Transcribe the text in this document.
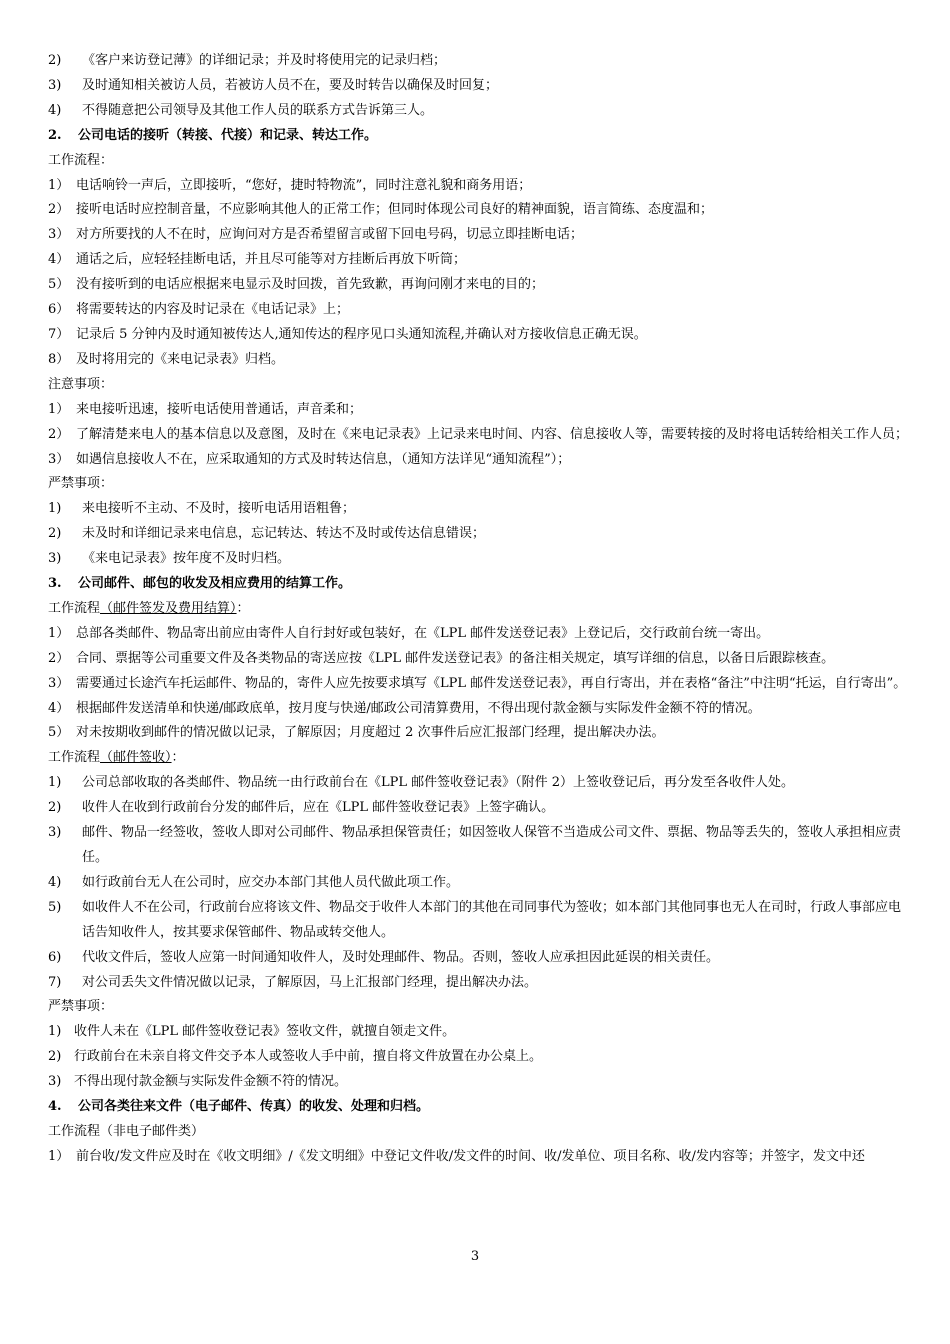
2)	《客户来访登记薄》的详细记录；并及时将使用完的记录归档；
3)	及时通知相关被访人员，若被访人员不在，要及时转告以确保及时回复；
4)	不得随意把公司领导及其他工作人员的联系方式告诉第三人。
2.	公司电话的接听（转接、代接）和记录、转达工作。
工作流程：
1） 电话响铃一声后，立即接听，“您好，捷时特物流”，同时注意礼貌和商务用语；
2） 接听电话时应控制音量，不应影响其他人的正常工作；但同时体现公司良好的精神面貌，语言简练、态度温和；
3） 对方所要找的人不在时，应询问对方是否希望留言或留下回电号码，切忌立即挂断电话；
4） 通话之后，应轻轻挂断电话，并且尽可能等对方挂断后再放下听筒；
5） 没有接听到的电话应根据来电显示及时回拨，首先致歉，再询问刚才来电的目的；
6） 将需要转达的内容及时记录在《电话记录》上；
7） 记录后 5 分钟内及时通知被传达人,通知传达的程序见口头通知流程,并确认对方接收信息正确无误。
8） 及时将用完的《来电记录表》归档。
注意事项：
1） 来电接听迅速，接听电话使用普通话，声音柔和；
2） 了解清楚来电人的基本信息以及意图，及时在《来电记录表》上记录来电时间、内容、信息接收人等，需要转接的及时将电话转给相关工作人员；
3） 如遇信息接收人不在，应采取通知的方式及时转达信息，（通知方法详见“通知流程”）；
严禁事项：
1)	来电接听不主动、不及时，接听电话用语粗鲁；
2)	未及时和详细记录来电信息，忘记转达、转达不及时或传达信息错误；
3)	《来电记录表》按年度不及时归档。
3.	公司邮件、邮包的收发及相应费用的结算工作。
工作流程（邮件签发及费用结算）：
1） 总部各类邮件、物品寄出前应由寄件人自行封好或包装好，在《LPL 邮件发送登记表》上登记后，交行政前台统一寄出。
2） 合同、票据等公司重要文件及各类物品的寄送应按《LPL 邮件发送登记表》的备注相关规定，填写详细的信息，以备日后跟踪核查。
3） 需要通过长途汽车托运邮件、物品的，寄件人应先按要求填写《LPL 邮件发送登记表》，再自行寄出，并在表格“备注”中注明“托运，自行寄出”。
4） 根据邮件发送清单和快递/邮政底单，按月度与快递/邮政公司清算费用，不得出现付款金额与实际发件金额不符的情况。
5） 对未按期收到邮件的情况做以记录，了解原因；月度超过 2 次事件后应汇报部门经理，提出解决办法。
工作流程（邮件签收）：
1)	公司总部收取的各类邮件、物品统一由行政前台在《LPL 邮件签收登记表》（附件 2）上签收登记后，再分发至各收件人处。
2)	收件人在收到行政前台分发的邮件后，应在《LPL 邮件签收登记表》上签字确认。
3)	邮件、物品一经签收，签收人即对公司邮件、物品承担保管责任；如因签收人保管不当造成公司文件、票据、物品等丢失的，签收人承担相应责任。
4)	如行政前台无人在公司时，应交办本部门其他人员代做此项工作。
5)	如收件人不在公司，行政前台应将该文件、物品交于收件人本部门的其他在司同事代为签收；如本部门其他同事也无人在司时，行政人事部应电话告知收件人，按其要求保管邮件、物品或转交他人。
6)	代收文件后，签收人应第一时间通知收件人，及时处理邮件、物品。否则，签收人应承担因此延误的相关责任。
7)	对公司丢失文件情况做以记录，了解原因，马上汇报部门经理，提出解决办法。
严禁事项：
1) 收件人未在《LPL 邮件签收登记表》签收文件，就擅自领走文件。
2) 行政前台在未亲自将文件交予本人或签收人手中前，擅自将文件放置在办公桌上。
3) 不得出现付款金额与实际发件金额不符的情况。
4.	公司各类往来文件（电子邮件、传真）的收发、处理和归档。
工作流程（非电子邮件类）
1） 前台收/发文件应及时在《收文明细》/《发文明细》中登记文件收/发文件的时间、收/发单位、项目名称、收/发内容等；并签字，发文中还
3
